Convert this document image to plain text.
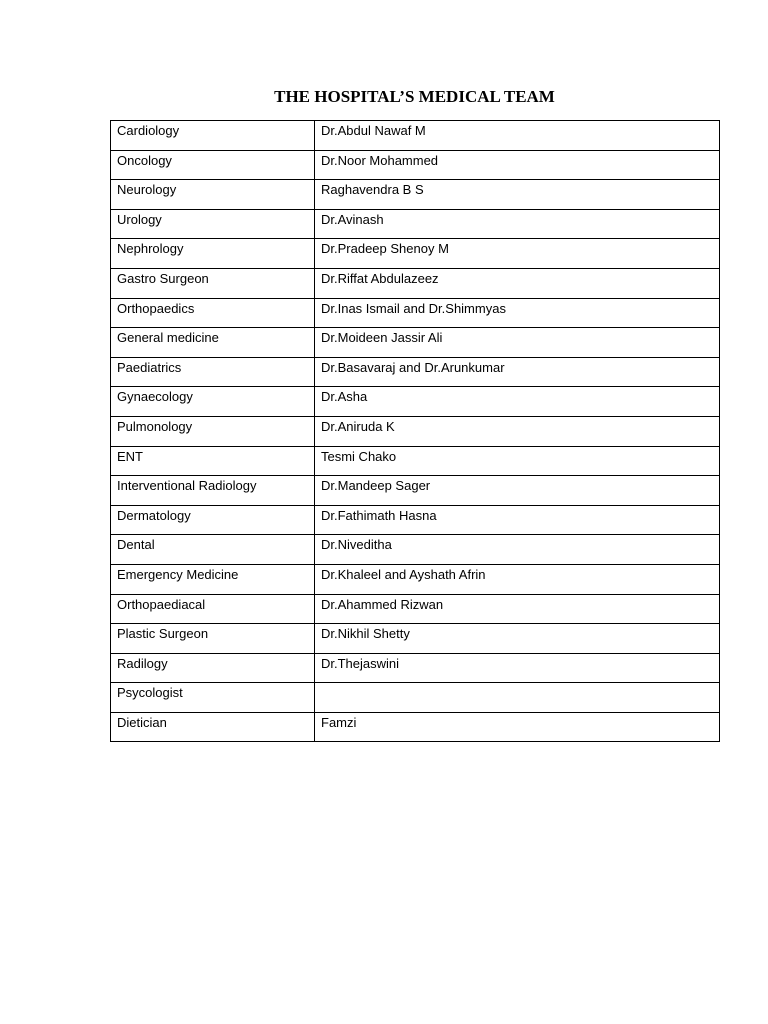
THE HOSPITAL’S MEDICAL TEAM
Cardiology	Dr.Abdul Nawaf M
Oncology	Dr.Noor Mohammed
Neurology	Raghavendra B S
Urology	Dr.Avinash
Nephrology	Dr.Pradeep Shenoy M
Gastro Surgeon	Dr.Riffat Abdulazeez
Orthopaedics	Dr.Inas Ismail and Dr.Shimmyas
General medicine	Dr.Moideen Jassir Ali
Paediatrics	Dr.Basavaraj and Dr.Arunkumar
Gynaecology	Dr.Asha
Pulmonology	Dr.Aniruda K
ENT	Tesmi Chako
Interventional Radiology	Dr.Mandeep Sager
Dermatology	Dr.Fathimath Hasna
Dental	Dr.Niveditha
Emergency Medicine	Dr.Khaleel and Ayshath Afrin
Orthopaediacal	Dr.Ahammed Rizwan
Plastic Surgeon	Dr.Nikhil Shetty
Radilogy	Dr.Thejaswini
Psycologist	
Dietician	Famzi
